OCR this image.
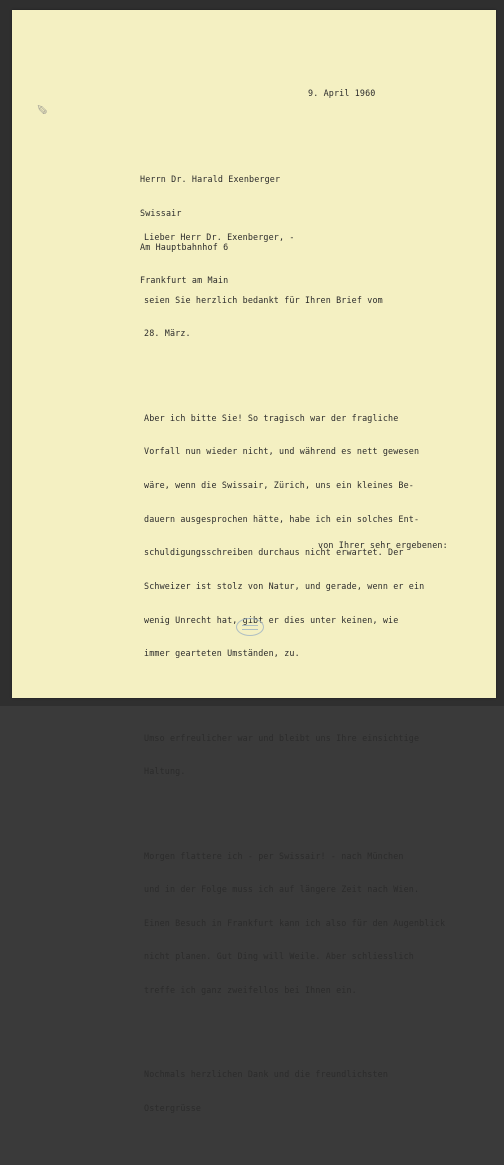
✎
9. April 1960

Herrn Dr. Harald Exenberger

Swissair

Am Hauptbahnhof 6

Frankfurt am Main

Lieber Herr Dr. Exenberger, -

seien Sie herzlich bedankt für Ihren Brief vom

28. März.

Aber ich bitte Sie! So tragisch war der fragliche

Vorfall nun wieder nicht, und während es nett gewesen

wäre, wenn die Swissair, Zürich, uns ein kleines Be-

dauern ausgesprochen hätte, habe ich ein solches Ent-

schuldigungsschreiben durchaus nicht erwartet. Der

Schweizer ist stolz von Natur, und gerade, wenn er ein

wenig Unrecht hat, gibt er dies unter keinen, wie

immer gearteten Umständen, zu.

Umso erfreulicher war und bleibt uns Ihre einsichtige

Haltung.

Morgen flattere ich - per Swissair! - nach München

und in der Folge muss ich auf längere Zeit nach Wien.

Einen Besuch in Frankfurt kann ich also für den Augenblick

nicht planen. Gut Ding will Weile. Aber schliesslich

treffe ich ganz zweifellos bei Ihnen ein.

Nochmals herzlichen Dank und die freundlichsten

Ostergrüsse

von Ihrer sehr ergebenen:
